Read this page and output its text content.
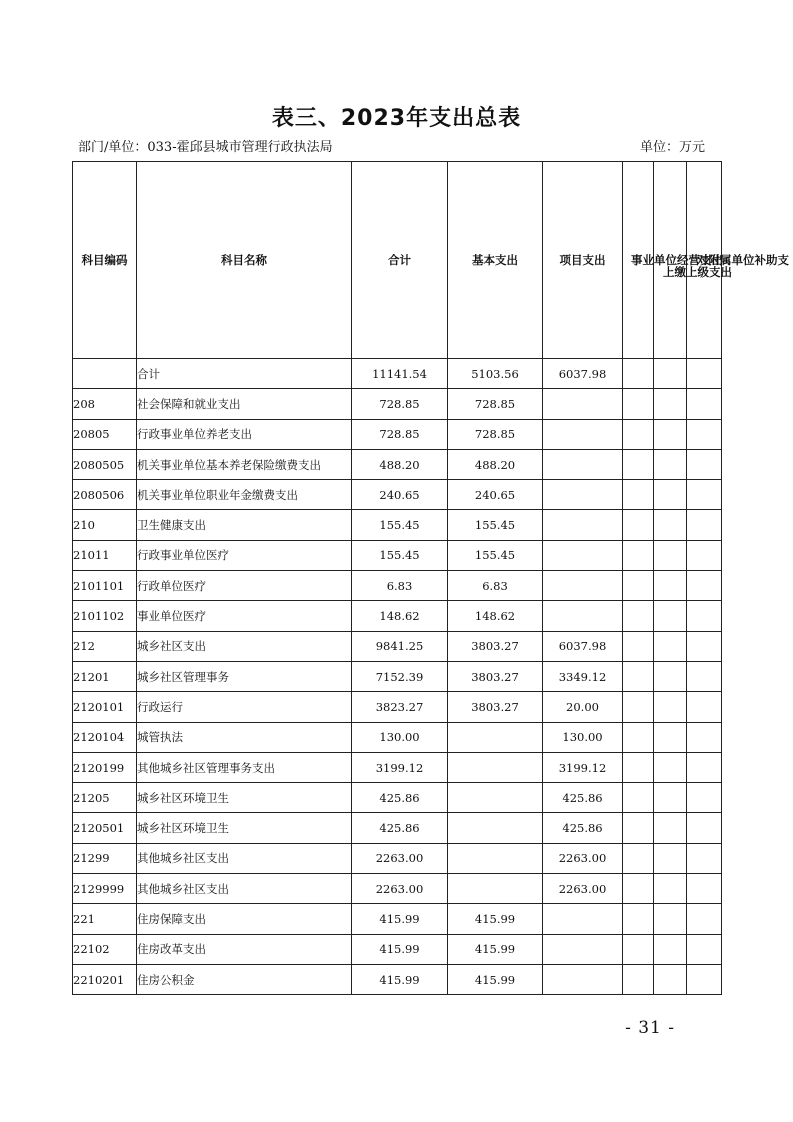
表三、2023年支出总表
部门/单位：033-霍邱县城市管理行政执法局	单位：万元
科目编码	科目名称	合计	基本支出	项目支出	事业单位经营支出	上缴上级支出	对附属单位补助支

	合计	11141.54	5103.56	6037.98			
208	社会保障和就业支出	728.85	728.85				
20805	行政事业单位养老支出	728.85	728.85				
2080505	机关事业单位基本养老保险缴费支出	488.20	488.20				
2080506	机关事业单位职业年金缴费支出	240.65	240.65				
210	卫生健康支出	155.45	155.45				
21011	行政事业单位医疗	155.45	155.45				
2101101	行政单位医疗	6.83	6.83				
2101102	事业单位医疗	148.62	148.62				
212	城乡社区支出	9841.25	3803.27	6037.98			
21201	城乡社区管理事务	7152.39	3803.27	3349.12			
2120101	行政运行	3823.27	3803.27	20.00			
2120104	城管执法	130.00		130.00			
2120199	其他城乡社区管理事务支出	3199.12		3199.12			
21205	城乡社区环境卫生	425.86		425.86			
2120501	城乡社区环境卫生	425.86		425.86			
21299	其他城乡社区支出	2263.00		2263.00			
2129999	其他城乡社区支出	2263.00		2263.00			
221	住房保障支出	415.99	415.99				
22102	住房改革支出	415.99	415.99				
2210201	住房公积金	415.99	415.99				
- 31 -
